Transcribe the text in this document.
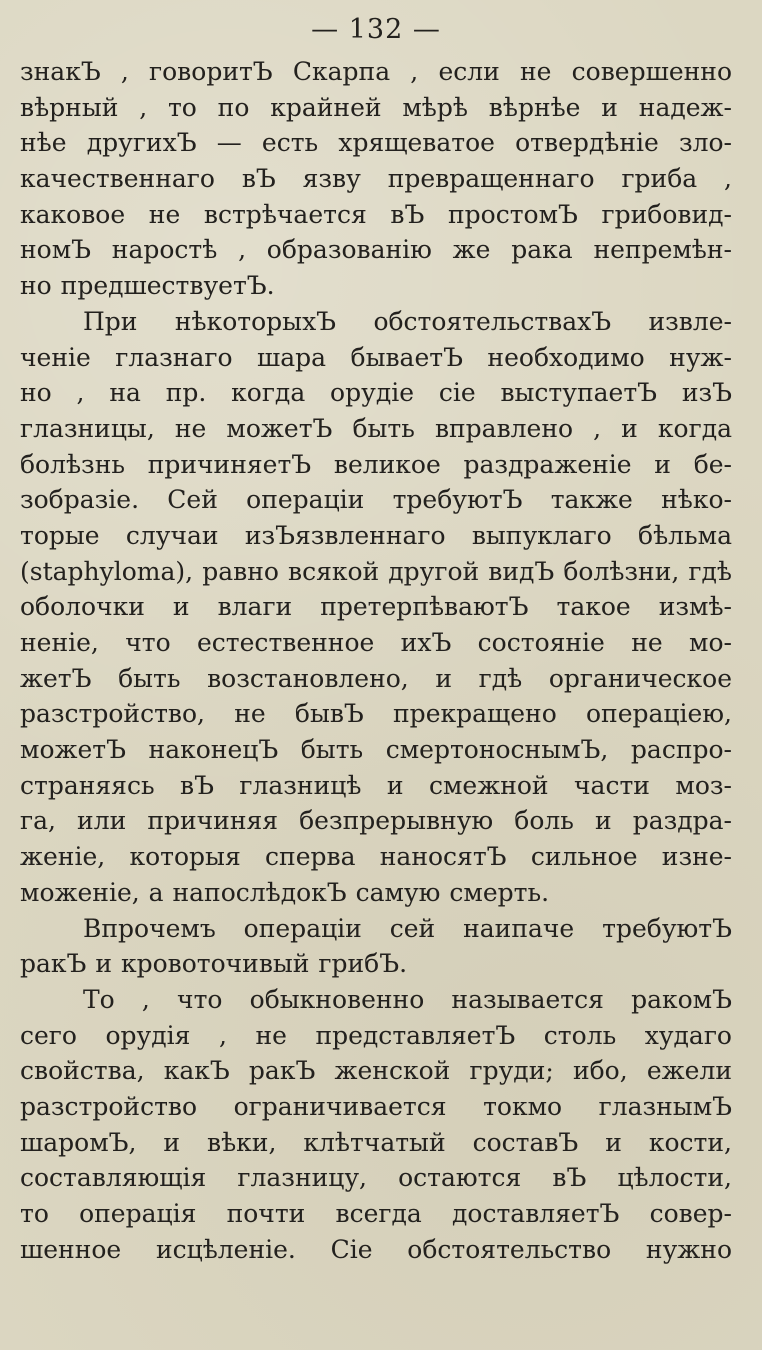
— 132 —
знакЪ , говоритЪ Скарпа , если не совершенно
вѣрный , то по крайней мѣрѣ вѣрнѣе и надеж-
нѣе другихЪ — есть хрящеватое отвердѣніе зло-
качественнаго вЪ язву превращеннаго гриба ,
каковое не встрѣчается вЪ простомЪ грибовид-
номЪ наростѣ , образованію же рака непремѣн-
но предшествуетЪ.
При нѣкоторыхЪ обстоятельствахЪ извле-
ченіе глазнаго шара бываетЪ необходимо нуж-
но , на пр. когда орудіе сіе выступаетЪ изЪ
глазницы, не можетЪ быть вправлено , и когда
болѣзнь причиняетЪ великое раздраженіе и бе-
зобразіе. Сей операціи требуютЪ также нѣко-
торые случаи изЪязвленнаго выпуклаго бѣльма
(staphyloma), равно всякой другой видЪ болѣзни, гдѣ
оболочки и влаги претерпѣваютЪ такое измѣ-
неніе, что естественное ихЪ состояніе не мо-
жетЪ быть возстановлено, и гдѣ органическое
разстройство, не бывЪ прекращено операціею,
можетЪ наконецЪ быть смертоноснымЪ, распро-
страняясь вЪ глазницѣ и смежной части моз-
га, или причиняя безпрерывную боль и раздра-
женіе, которыя сперва наносятЪ сильное изне-
моженіе, а напослѣдокЪ самую смерть.
Впрочемъ операціи сей наипаче требуютЪ
ракЪ и кровоточивый грибЪ.
То , что обыкновенно называется ракомЪ
сего орудія , не представляетЪ столь худаго
свойства, какЪ ракЪ женской груди; ибо, ежели
разстройство ограничивается токмо глазнымЪ
шаромЪ, и вѣки, клѣтчатый составЪ и кости,
составляющія глазницу, остаются вЪ цѣлости,
то операція почти всегда доставляетЪ совер-
шенное исцѣленіе. Сіе обстоятельство нужно
